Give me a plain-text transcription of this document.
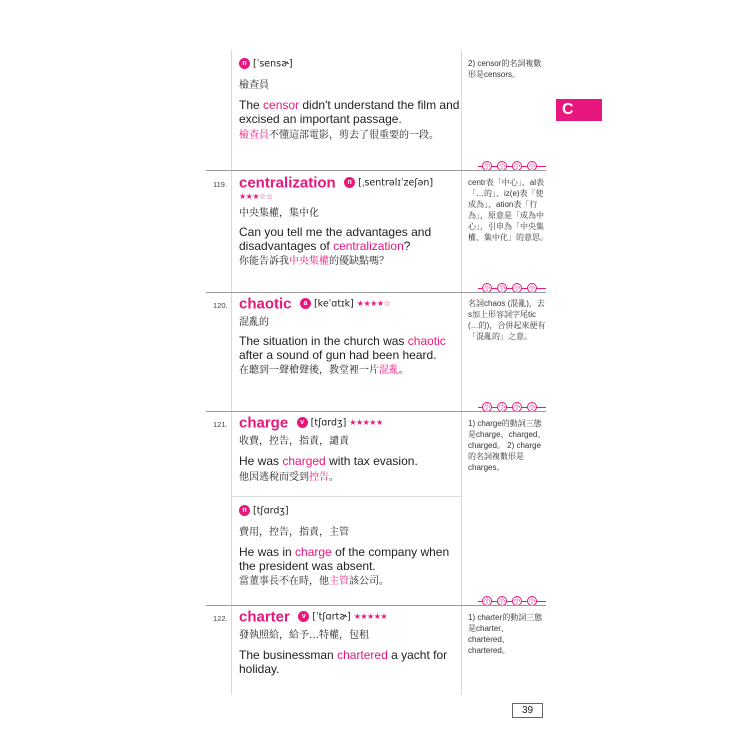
C
n [ˈsensɚ]
檢查員
The censor didn't understand the film and excised an important passage.
檢查員不懂這部電影，剪去了很重要的一段。
2) censor的名詞複數形是censors。
小 小 小 小
119. centralization n [ˌsentrəlɪˈzeʃən]
★★★☆☆
中央集權，集中化
Can you tell me the advantages and disadvantages of centralization?
你能告訴我中央集權的優缺點嗎？
centr表「中心」、al表「…的」、iz(e)表「使成為」、ation表「行為」，原意是「成為中心」，引申為「中央集權、集中化」的意思。
小 小 小 小
120. chaotic a [keˈɑtɪk] ★★★★☆
混亂的
The situation in the church was chaotic after a sound of gun had been heard.
在聽到一聲槍聲後，教堂裡一片混亂。
名詞chaos (混亂)，去s加上形容詞字尾tic (…的)，合併起來便有「混亂的」之意。
小 小 小 小
121. charge v [tʃɑrdʒ] ★★★★★
收費，控告，指責，譴責
He was charged with tax evasion.
他因逃稅而受到控告。
n [tʃɑrdʒ]
費用，控告，指責，主管
He was in charge of the company when the president was absent.
當董事長不在時，他主管該公司。
1) charge的動詞三態是charge、charged、charged。 2) charge的名詞複數形是charges。
小 小 小 小
122. charter v [ˈtʃɑrtɚ] ★★★★★
發執照給，給予…特權，包租
The businessman chartered a yacht for holiday.
1) charter的動詞三態是charter、chartered、chartered。
39
